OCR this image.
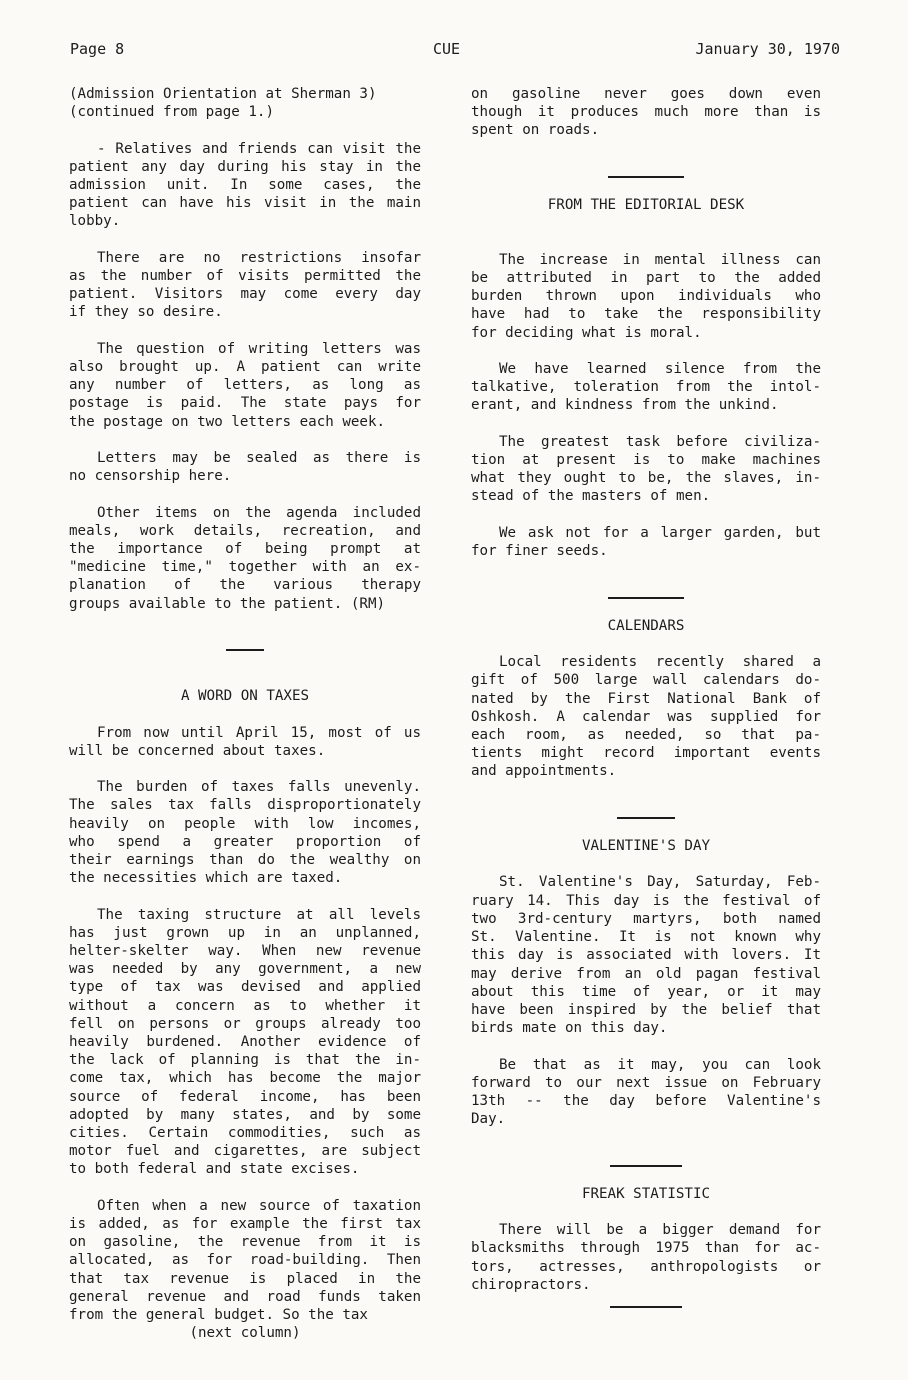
Page 8	CUE	January 30, 1970
(Admission Orientation at Sherman 3)
(continued from page 1.)
- Relatives and friends can visit the
patient any day during his stay in the
admission unit. In some cases, the
patient can have his visit in the main
lobby.
There are no restrictions insofar
as the number of visits permitted the
patient. Visitors may come every day
if they so desire.
The question of writing letters was
also brought up. A patient can write
any number of letters, as long as
postage is paid. The state pays for
the postage on two letters each week.
Letters may be sealed as there is
no censorship here.
Other items on the agenda included
meals, work details, recreation, and
the importance of being prompt at
"medicine time," together with an ex-
planation of the various therapy
groups available to the patient. (RM)
A WORD ON TAXES
From now until April 15, most of us
will be concerned about taxes.
The burden of taxes falls unevenly.
The sales tax falls disproportionately
heavily on people with low incomes,
who spend a greater proportion of
their earnings than do the wealthy on
the necessities which are taxed.
The taxing structure at all levels
has just grown up in an unplanned,
helter-skelter way. When new revenue
was needed by any government, a new
type of tax was devised and applied
without a concern as to whether it
fell on persons or groups already too
heavily burdened. Another evidence of
the lack of planning is that the in-
come tax, which has become the major
source of federal income, has been
adopted by many states, and by some
cities. Certain commodities, such as
motor fuel and cigarettes, are subject
to both federal and state excises.
Often when a new source of taxation
is added, as for example the first tax
on gasoline, the revenue from it is
allocated, as for road-building. Then
that tax revenue is placed in the
general revenue and road funds taken
from the general budget. So the tax
(next column)
on gasoline never goes down even
though it produces much more than is
spent on roads.
FROM THE EDITORIAL DESK
The increase in mental illness can
be attributed in part to the added
burden thrown upon individuals who
have had to take the responsibility
for deciding what is moral.
We have learned silence from the
talkative, toleration from the intol-
erant, and kindness from the unkind.
The greatest task before civiliza-
tion at present is to make machines
what they ought to be, the slaves, in-
stead of the masters of men.
We ask not for a larger garden, but
for finer seeds.
CALENDARS
Local residents recently shared a
gift of 500 large wall calendars do-
nated by the First National Bank of
Oshkosh. A calendar was supplied for
each room, as needed, so that pa-
tients might record important events
and appointments.
VALENTINE'S DAY
St. Valentine's Day, Saturday, Feb-
ruary 14. This day is the festival of
two 3rd-century martyrs, both named
St. Valentine. It is not known why
this day is associated with lovers. It
may derive from an old pagan festival
about this time of year, or it may
have been inspired by the belief that
birds mate on this day.
Be that as it may, you can look
forward to our next issue on February
13th -- the day before Valentine's
Day.
FREAK STATISTIC
There will be a bigger demand for
blacksmiths through 1975 than for ac-
tors, actresses, anthropologists or
chiropractors.
